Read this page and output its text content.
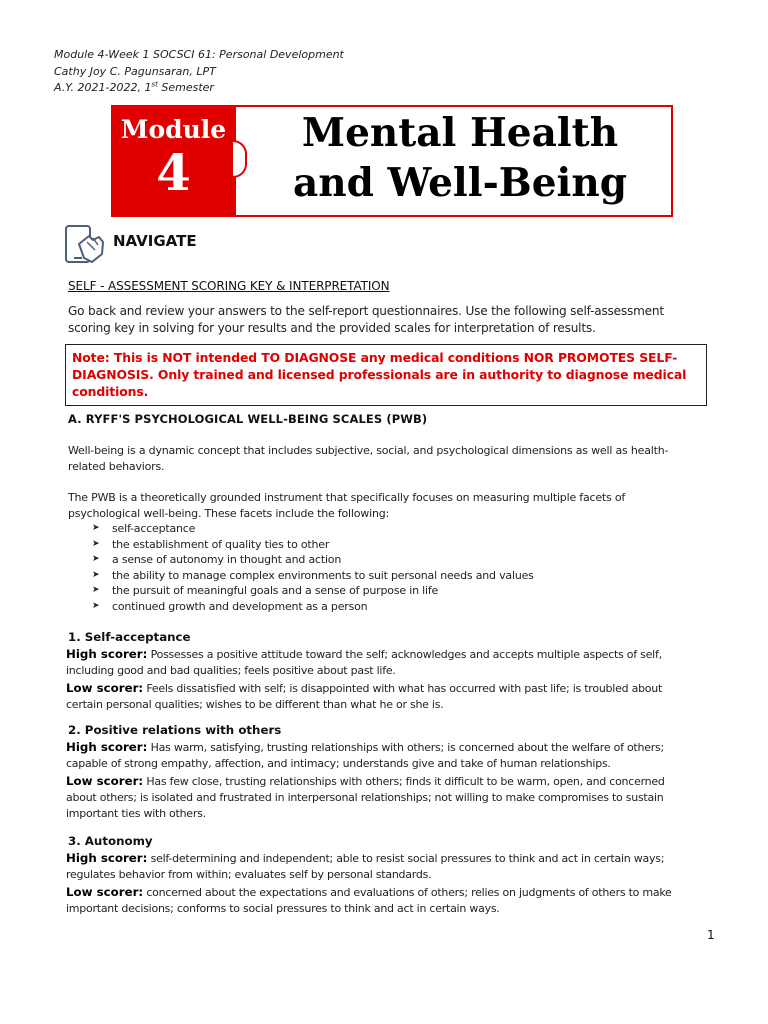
Module 4-Week 1 SOCSCI 61: Personal Development
Cathy Joy C. Pagunsaran, LPT
A.Y. 2021-2022, 1st Semester
Module
4
Mental Health
and Well-Being
NAVIGATE
SELF - ASSESSMENT SCORING KEY & INTERPRETATION
Go back and review your answers to the self-report questionnaires. Use the following self-assessment scoring key in solving for your results and the provided scales for interpretation of results.
Note: This is NOT intended TO DIAGNOSE any medical conditions NOR PROMOTES SELF-DIAGNOSIS. Only trained and licensed professionals are in authority to diagnose medical conditions.
A. RYFF'S PSYCHOLOGICAL WELL-BEING SCALES (PWB)
Well-being is a dynamic concept that includes subjective, social, and psychological dimensions as well as health-related behaviors.
The PWB is a theoretically grounded instrument that specifically focuses on measuring multiple facets of psychological well-being. These facets include the following:
➤ self-acceptance
➤ the establishment of quality ties to other
➤ a sense of autonomy in thought and action
➤ the ability to manage complex environments to suit personal needs and values
➤ the pursuit of meaningful goals and a sense of purpose in life
➤ continued growth and development as a person
1. Self-acceptance
High scorer: Possesses a positive attitude toward the self; acknowledges and accepts multiple aspects of self, including good and bad qualities; feels positive about past life.
Low scorer: Feels dissatisfied with self; is disappointed with what has occurred with past life; is troubled about certain personal qualities; wishes to be different than what he or she is.
2. Positive relations with others
High scorer: Has warm, satisfying, trusting relationships with others; is concerned about the welfare of others; capable of strong empathy, affection, and intimacy; understands give and take of human relationships.
Low scorer: Has few close, trusting relationships with others; finds it difficult to be warm, open, and concerned about others; is isolated and frustrated in interpersonal relationships; not willing to make compromises to sustain important ties with others.
3. Autonomy
High scorer: self-determining and independent; able to resist social pressures to think and act in certain ways; regulates behavior from within; evaluates self by personal standards.
Low scorer: concerned about the expectations and evaluations of others; relies on judgments of others to make important decisions; conforms to social pressures to think and act in certain ways.
1
